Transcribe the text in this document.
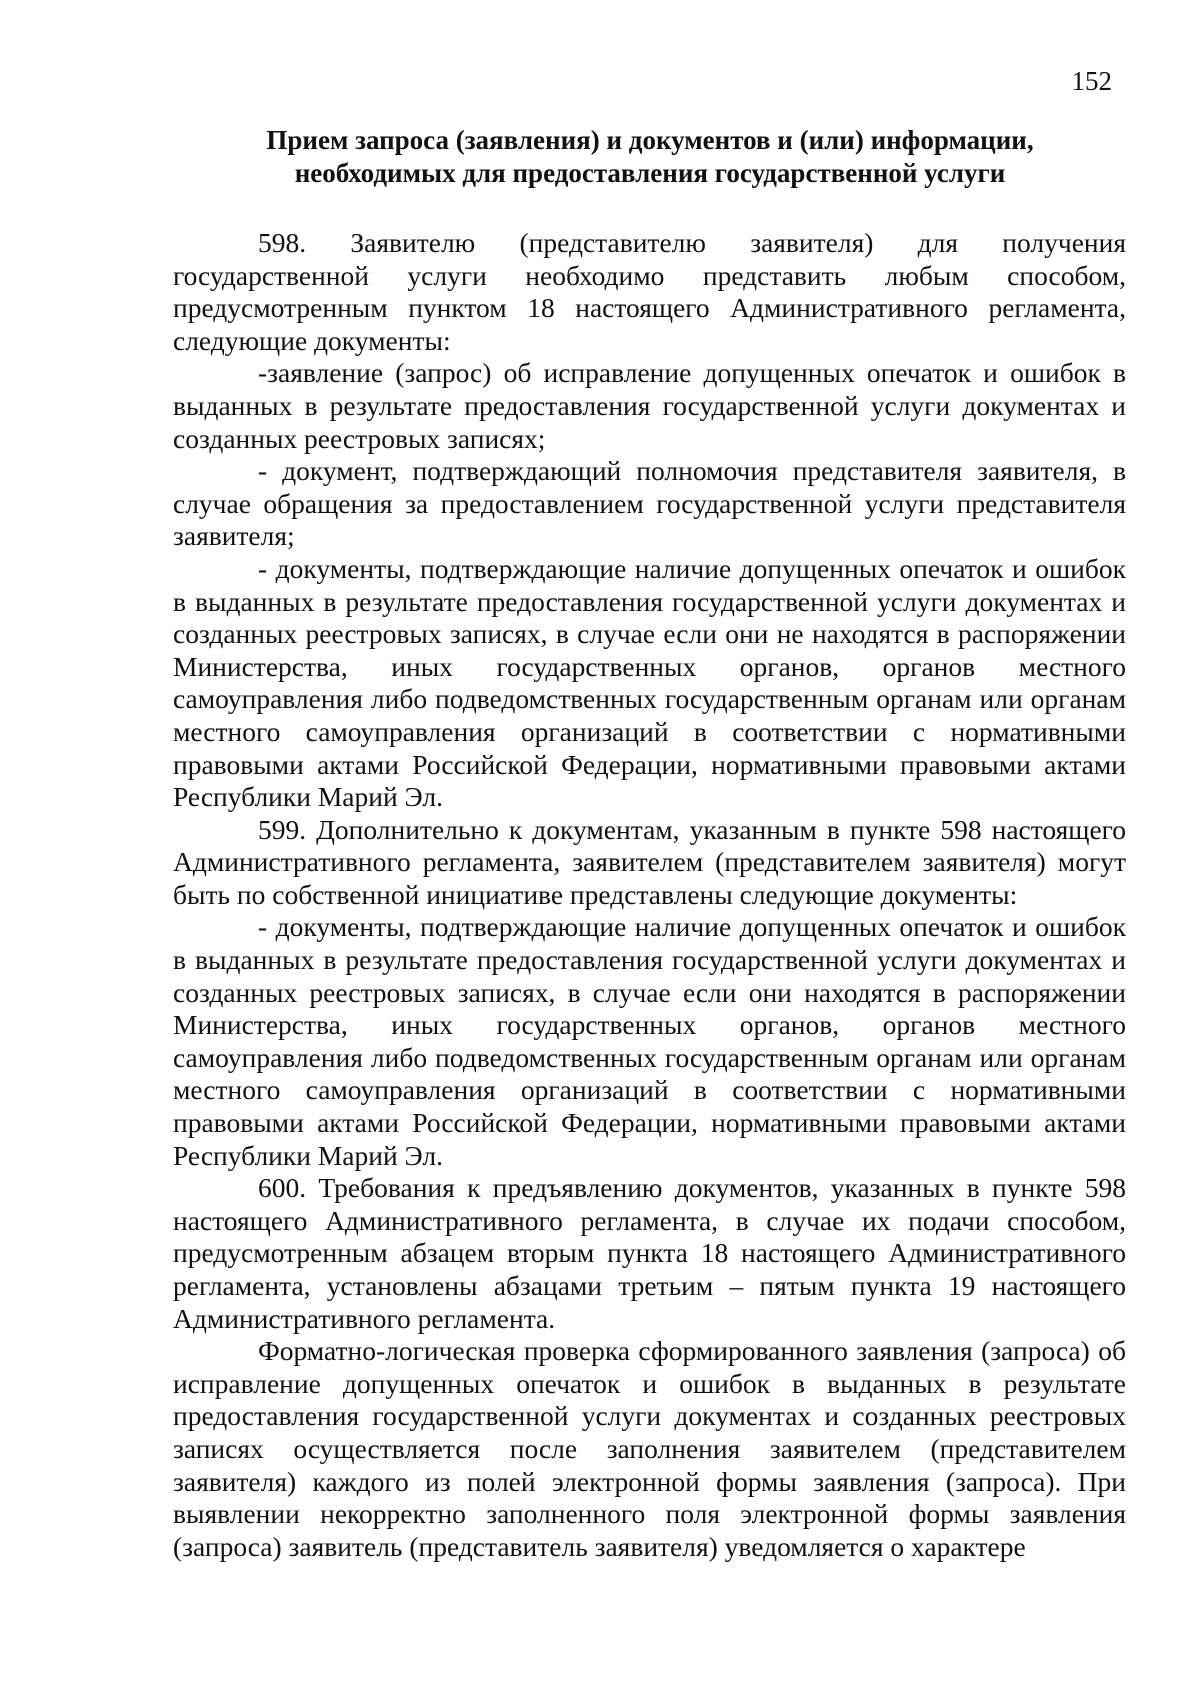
152
Прием запроса (заявления) и документов и (или) информации,
необходимых для предоставления государственной услуги

598. Заявителю (представителю заявителя) для получения государственной услуги необходимо представить любым способом, предусмотренным пунктом 18 настоящего Административного регламента, следующие документы:

-заявление (запрос) об исправление допущенных опечаток и ошибок в выданных в результате предоставления государственной услуги документах и созданных реестровых записях;

- документ, подтверждающий полномочия представителя заявителя, в случае обращения за предоставлением государственной услуги представителя заявителя;

- документы, подтверждающие наличие допущенных опечаток и ошибок в выданных в результате предоставления государственной услуги документах и созданных реестровых записях, в случае если они не находятся в распоряжении Министерства, иных государственных органов, органов местного самоуправления либо подведомственных государственным органам или органам местного самоуправления организаций в соответствии с нормативными правовыми актами Российской Федерации, нормативными правовыми актами Республики Марий Эл.

599. Дополнительно к документам, указанным в пункте 598 настоящего Административного регламента, заявителем (представителем заявителя) могут быть по собственной инициативе представлены следующие документы:

- документы, подтверждающие наличие допущенных опечаток и ошибок в выданных в результате предоставления государственной услуги документах и созданных реестровых записях, в случае если они находятся в распоряжении Министерства, иных государственных органов, органов местного самоуправления либо подведомственных государственным органам или органам местного самоуправления организаций в соответствии с нормативными правовыми актами Российской Федерации, нормативными правовыми актами Республики Марий Эл.

600. Требования к предъявлению документов, указанных в пункте 598 настоящего Административного регламента, в случае их подачи способом, предусмотренным абзацем вторым пункта 18 настоящего Административного регламента, установлены абзацами третьим – пятым пункта 19 настоящего Административного регламента.

Форматно-логическая проверка сформированного заявления (запроса) об исправление допущенных опечаток и ошибок в выданных в результате предоставления государственной услуги документах и созданных реестровых записях осуществляется после заполнения заявителем (представителем заявителя) каждого из полей электронной формы заявления (запроса). При выявлении некорректно заполненного поля электронной формы заявления (запроса) заявитель (представитель заявителя) уведомляется о характере
